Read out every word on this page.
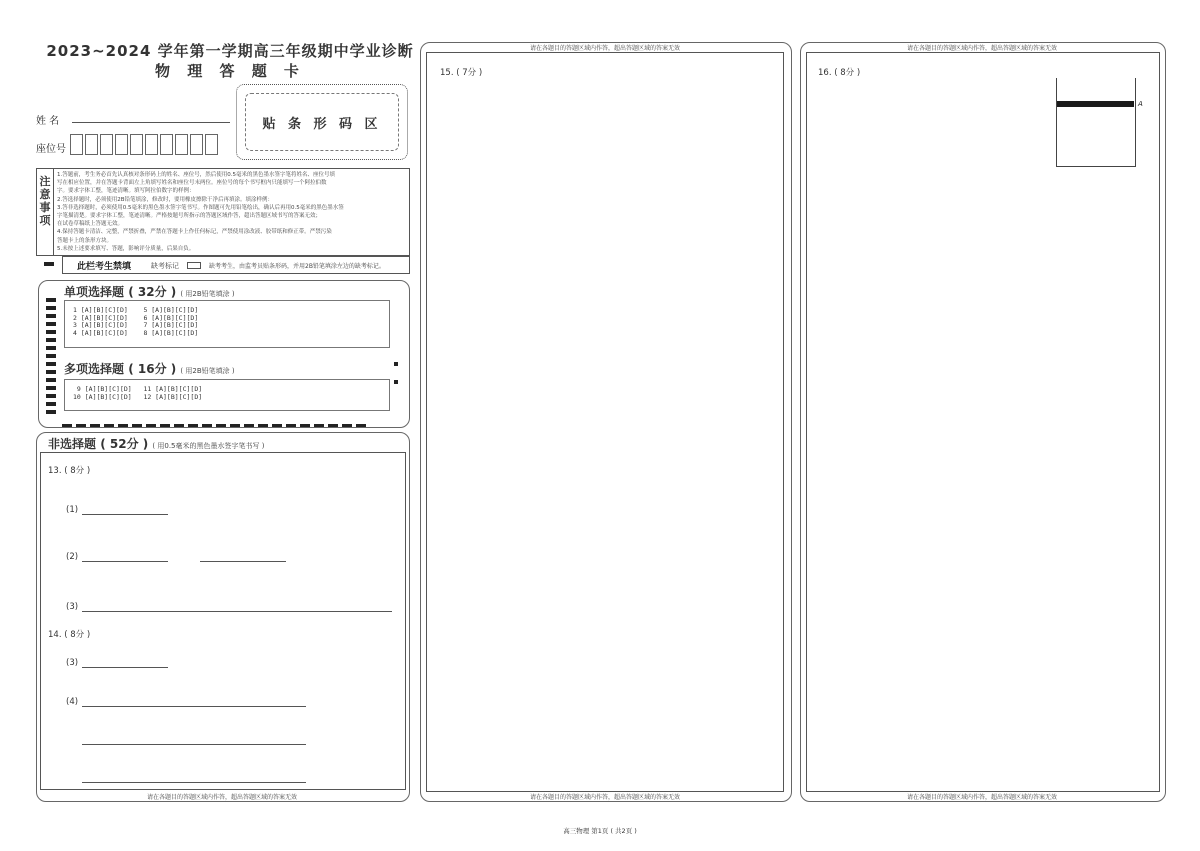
2023~2024 学年第一学期高三年级期中学业诊断
物 理 答 题 卡
姓 名
座位号
贴 条 形 码 区
注
意
事
项
1.答题前，考生务必首先认真核对条形码上的姓名、座位号，然后使用0.5毫米的黑色墨水签字笔将姓名、座位号填
写在相应位置，并在答题卡背面左上角填写姓名和座位号末两位。座位号的每个书写框内只能填写一个阿拉伯数
字。要求字体工整，笔迹清晰。填写阿拉伯数字的样例：
2.答选择题时，必须使用2B铅笔填涂，修改时，要用橡皮擦除干净后再填涂。填涂样例：
3.答非选择题时，必须使用0.5毫米的黑色墨水签字笔书写。作图题可先用铅笔绘出，确认后再用0.5毫米的黑色墨水签
字笔描清楚。要求字体工整，笔迹清晰。严格按题号所指示的答题区域作答，超出答题区域书写的答案无效；
在试卷草稿纸上答题无效。
4.保持答题卡清洁、完整，严禁折叠，严禁在答题卡上作任何标记，严禁使用涂改液、胶带纸和修正带。严禁污染
答题卡上的条形方块。
5.未按上述要求填写、答题，影响评分质量，后果自负。
此栏考生禁填	缺考标记	缺考考生，由监考员贴条形码，并用2B铅笔填涂左边的缺考标记。
单项选择题 ( 32分 ) ( 用2B铅笔填涂 )
1 [A][B][C][D]    5 [A][B][C][D]
2 [A][B][C][D]    6 [A][B][C][D]
3 [A][B][C][D]    7 [A][B][C][D]
4 [A][B][C][D]    8 [A][B][C][D]
多项选择题 ( 16分 ) ( 用2B铅笔填涂 )
9 [A][B][C][D]   11 [A][B][C][D]
10 [A][B][C][D]   12 [A][B][C][D]
非选择题 ( 52分 ) ( 用0.5毫米的黑色墨水签字笔书写 )
13. ( 8分 )
(1)
(2)
(3)
14. ( 8分 )
(3)
(4)
请在各题目的答题区域内作答，超出答题区域的答案无效
请在各题目的答题区域内作答，超出答题区域的答案无效
15. ( 7分 )
请在各题目的答题区域内作答，超出答题区域的答案无效
请在各题目的答题区域内作答，超出答题区域的答案无效
16. ( 8分 )
A
请在各题目的答题区域内作答，超出答题区域的答案无效
高三物理 第1页 ( 共2页 )
